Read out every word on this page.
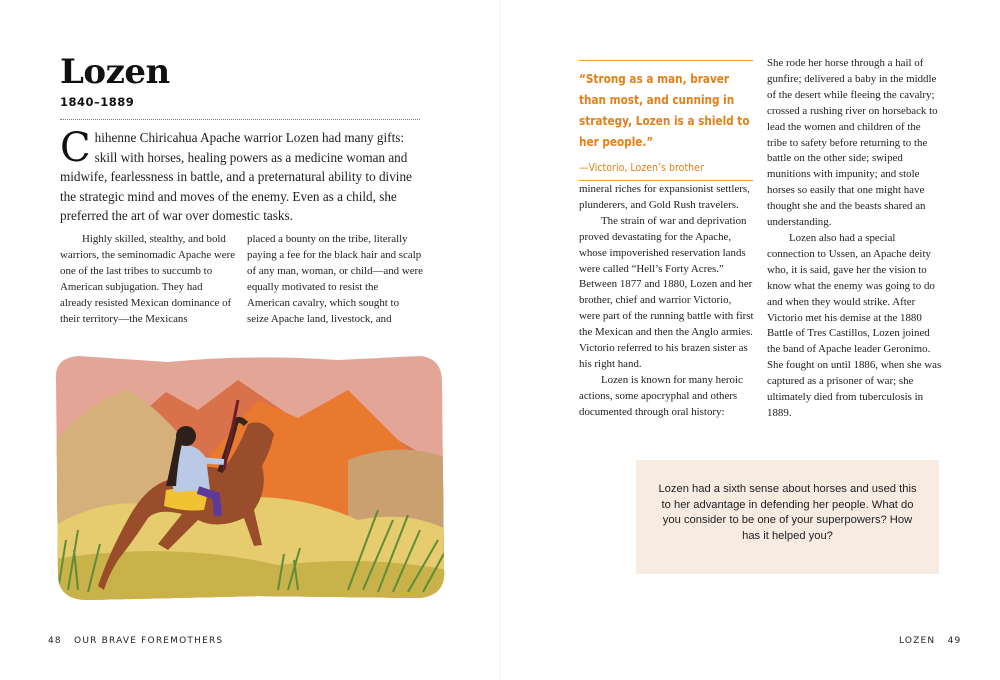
Lozen
1840–1889

Chihenne Chiricahua Apache warrior Lozen had many gifts: skill with horses, healing powers as a medicine woman and midwife, fearlessness in battle, and a preternatural ability to divine the strategic mind and moves of the enemy. Even as a child, she preferred the art of war over domestic tasks.

Highly skilled, stealthy, and bold warriors, the seminomadic Apache were one of the last tribes to succumb to American subjugation. They had already resisted Mexican dominance of their territory—the Mexicans

placed a bounty on the tribe, literally paying a fee for the black hair and scalp of any man, woman, or child—and were equally motivated to resist the American cavalry, which sought to seize Apache land, livestock, and

48 OUR BRAVE FOREMOTHERS

“Strong as a man, braver than most, and cunning in strategy, Lozen is a shield to her people.”

—Victorio, Lozen’s brother

mineral riches for expansionist settlers, plunderers, and Gold Rush travelers.

The strain of war and deprivation proved devastating for the Apache, whose impoverished reservation lands were called “Hell’s Forty Acres.” Between 1877 and 1880, Lozen and her brother, chief and warrior Victorio, were part of the running battle with first the Mexican and then the Anglo armies. Victorio referred to his brazen sister as his right hand.

Lozen is known for many heroic actions, some apocryphal and others documented through oral history:

She rode her horse through a hail of gunfire; delivered a baby in the middle of the desert while fleeing the cavalry; crossed a rushing river on horseback to lead the women and children of the tribe to safety before returning to the battle on the other side; swiped munitions with impunity; and stole horses so easily that one might have thought she and the beasts shared an understanding.

Lozen also had a special connection to Ussen, an Apache deity who, it is said, gave her the vision to know what the enemy was going to do and when they would strike. After Victorio met his demise at the 1880 Battle of Tres Castillos, Lozen joined the band of Apache leader Geronimo. She fought on until 1886, when she was captured as a prisoner of war; she ultimately died from tuberculosis in 1889.

Lozen had a sixth sense about horses and used this to her advantage in defending her people. What do you consider to be one of your superpowers? How has it helped you?

LOZEN 49
